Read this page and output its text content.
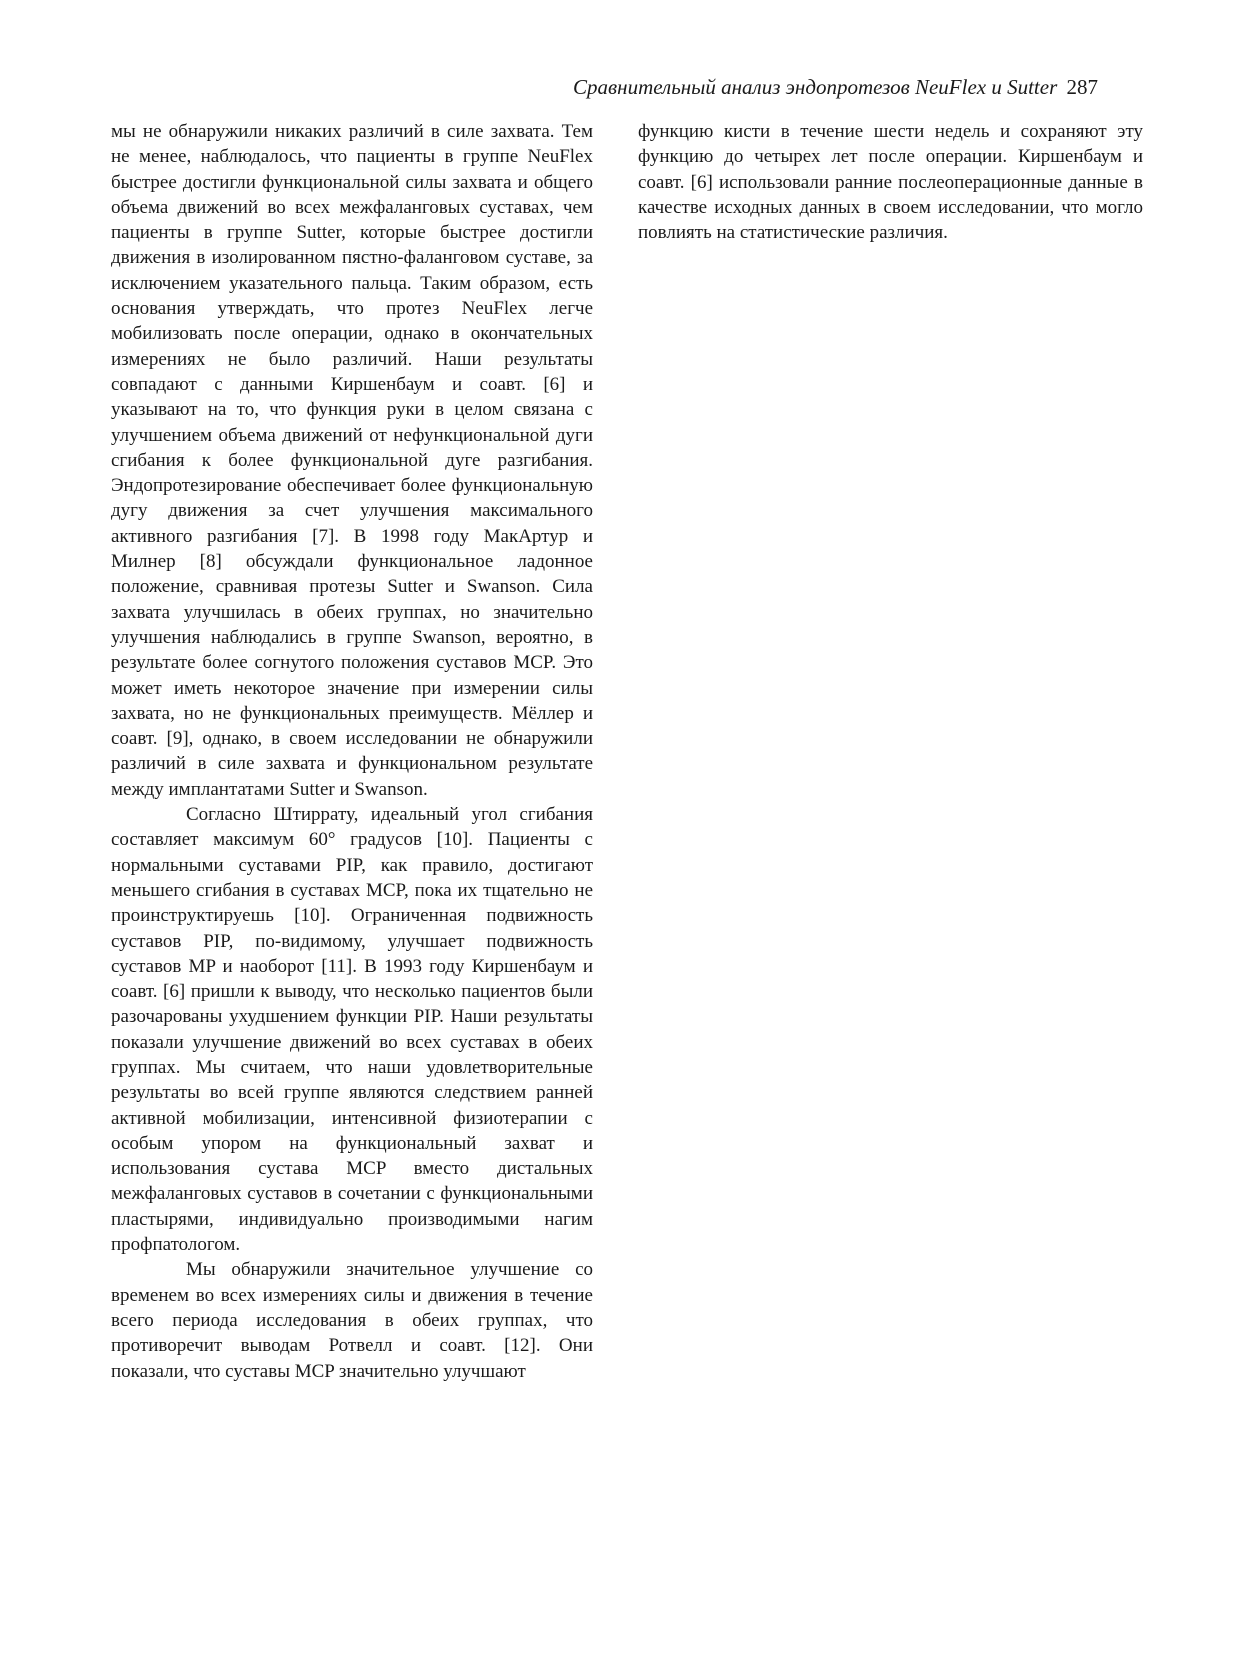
Сравнительный анализ эндопротезов NeuFlex и Sutter 287

мы не обнаружили никаких различий в силе захвата. Тем не менее, наблюдалось, что пациенты в группе NeuFlex быстрее достигли функциональной силы захвата и общего объема движений во всех межфаланговых суставах, чем пациенты в группе Sutter, которые быстрее достигли движения в изолированном пястно-фаланговом суставе, за исключением указательного пальца. Таким образом, есть основания утверждать, что протез NeuFlex легче мобилизовать после операции, однако в окончательных измерениях не было различий. Наши результаты совпадают с данными Киршенбаум и соавт. [6] и указывают на то, что функция руки в целом связана с улучшением объема движений от нефункциональной дуги сгибания к более функциональной дуге разгибания. Эндопротезирование обеспечивает более функциональную дугу движения за счет улучшения максимального активного разгибания [7]. В 1998 году МакАртур и Милнер [8] обсуждали функциональное ладонное положение, сравнивая протезы Sutter и Swanson. Сила захвата улучшилась в обеих группах, но значительно улучшения наблюдались в группе Swanson, вероятно, в результате более согнутого положения суставов MCP. Это может иметь некоторое значение при измерении силы захвата, но не функциональных преимуществ. Мёллер и соавт. [9], однако, в своем исследовании не обнаружили различий в силе захвата и функциональном результате между имплантатами Sutter и Swanson.

Согласно Штиррату, идеальный угол сгибания составляет максимум 60° градусов [10]. Пациенты с нормальными суставами PIP, как правило, достигают меньшего сгибания в суставах MCP, пока их тщательно не проинструктируешь [10]. Ограниченная подвижность суставов PIP, по-видимому, улучшает подвижность суставов MP и наоборот [11]. В 1993 году Киршенбаум и соавт. [6] пришли к выводу, что несколько пациентов были разочарованы ухудшением функции PIP. Наши результаты показали улучшение движений во всех суставах в обеих группах. Мы считаем, что наши удовлетворительные результаты во всей группе являются следствием ранней активной мобилизации, интенсивной физиотерапии с особым упором на функциональный захват и использования сустава MCP вместо дистальных межфаланговых суставов в сочетании с функциональными пластырями, индивидуально производимыми нагим профпатологом.

Мы обнаружили значительное улучшение со временем во всех измерениях силы и движения в течение всего периода исследования в обеих группах, что противоречит выводам Ротвелл и соавт. [12]. Они показали, что суставы MCP значительно улучшают

функцию кисти в течение шести недель и сохраняют эту функцию до четырех лет после операции. Киршенбаум и соавт. [6] использовали ранние послеоперационные данные в качестве исходных данных в своем исследовании, что могло повлиять на статистические различия.
